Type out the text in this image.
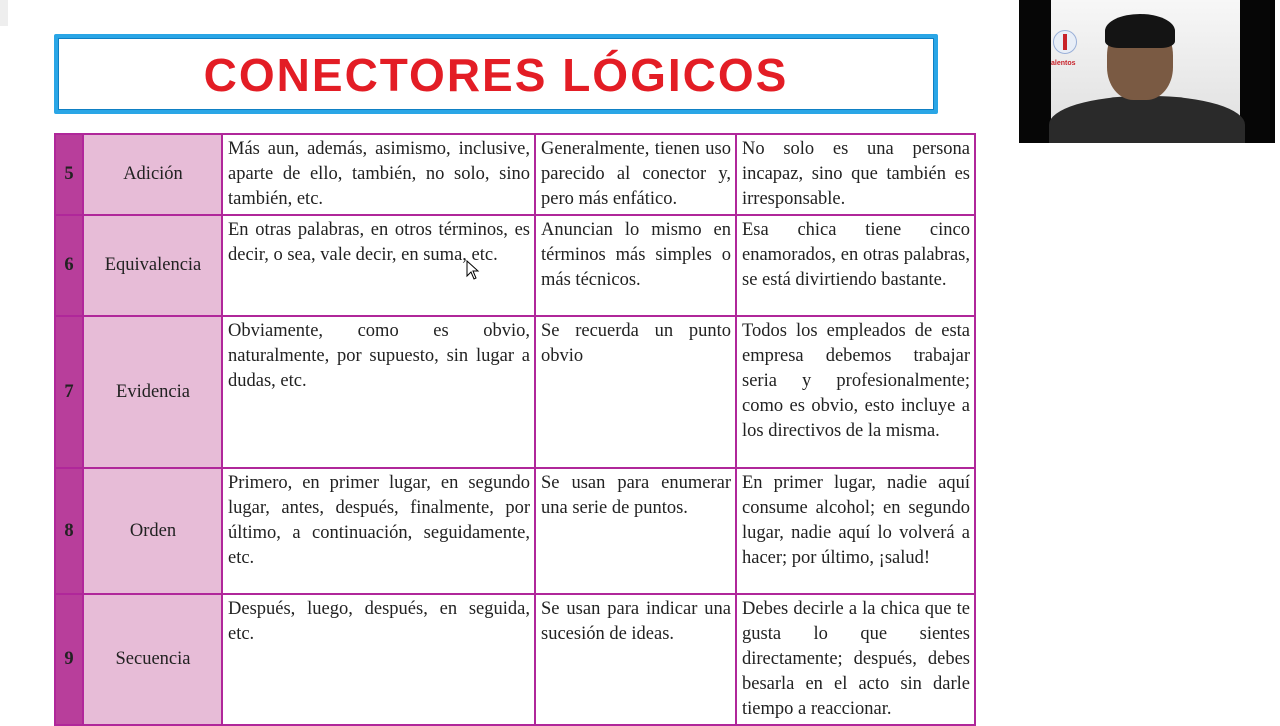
CONECTORES LÓGICOS
5	Adición	Más aun, además, asimismo, inclusive, aparte de ello, también, no solo, sino también, etc.	Generalmente, tienen uso parecido al conector y, pero más enfático.	No solo es una persona incapaz, sino que también es irresponsable.
6	Equivalencia	En otras palabras, en otros términos, es decir, o sea, vale decir, en suma, etc.	Anuncian lo mismo en términos más simples o más técnicos.	Esa chica tiene cinco enamorados, en otras palabras, se está divirtiendo bastante.
7	Evidencia	Obviamente, como es obvio, naturalmente, por supuesto, sin lugar a dudas, etc.	Se recuerda un punto obvio	Todos los empleados de esta empresa debemos trabajar seria y profesionalmente; como es obvio, esto incluye a los directivos de la misma.
8	Orden	Primero, en primer lugar, en segundo lugar, antes, después, finalmente, por último, a continuación, seguidamente, etc.	Se usan para enumerar una serie de puntos.	En primer lugar, nadie aquí consume alcohol; en segundo lugar, nadie aquí lo volverá a hacer; por último, ¡salud!
9	Secuencia	Después, luego, después, en seguida, etc.	Se usan para indicar una sucesión de ideas.	Debes decirle a la chica que te gusta lo que sientes directamente; después, debes besarla en el acto sin darle tiempo a reaccionar.
alentos
